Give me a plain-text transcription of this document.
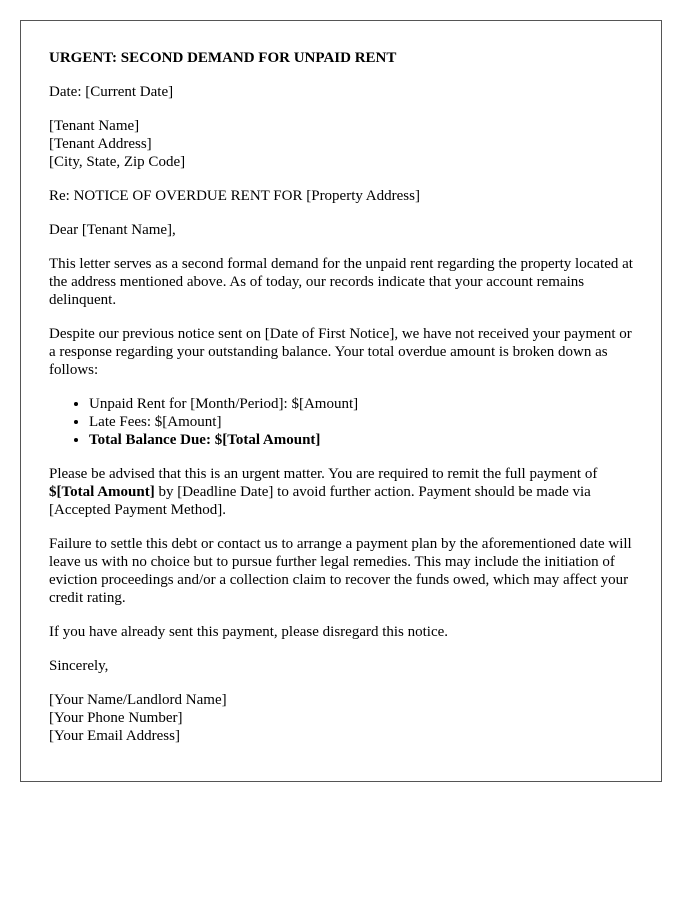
URGENT: SECOND DEMAND FOR UNPAID RENT

Date: [Current Date]

[Tenant Name]
[Tenant Address]
[City, State, Zip Code]

Re: NOTICE OF OVERDUE RENT FOR [Property Address]

Dear [Tenant Name],

This letter serves as a second formal demand for the unpaid rent regarding the property located at the address mentioned above. As of today, our records indicate that your account remains delinquent.

Despite our previous notice sent on [Date of First Notice], we have not received your payment or a response regarding your outstanding balance. Your total overdue amount is broken down as follows:

• Unpaid Rent for [Month/Period]: $[Amount]
• Late Fees: $[Amount]
• Total Balance Due: $[Total Amount]

Please be advised that this is an urgent matter. You are required to remit the full payment of $[Total Amount] by [Deadline Date] to avoid further action. Payment should be made via [Accepted Payment Method].

Failure to settle this debt or contact us to arrange a payment plan by the aforementioned date will leave us with no choice but to pursue further legal remedies. This may include the initiation of eviction proceedings and/or a collection claim to recover the funds owed, which may affect your credit rating.

If you have already sent this payment, please disregard this notice.

Sincerely,

[Your Name/Landlord Name]
[Your Phone Number]
[Your Email Address]
